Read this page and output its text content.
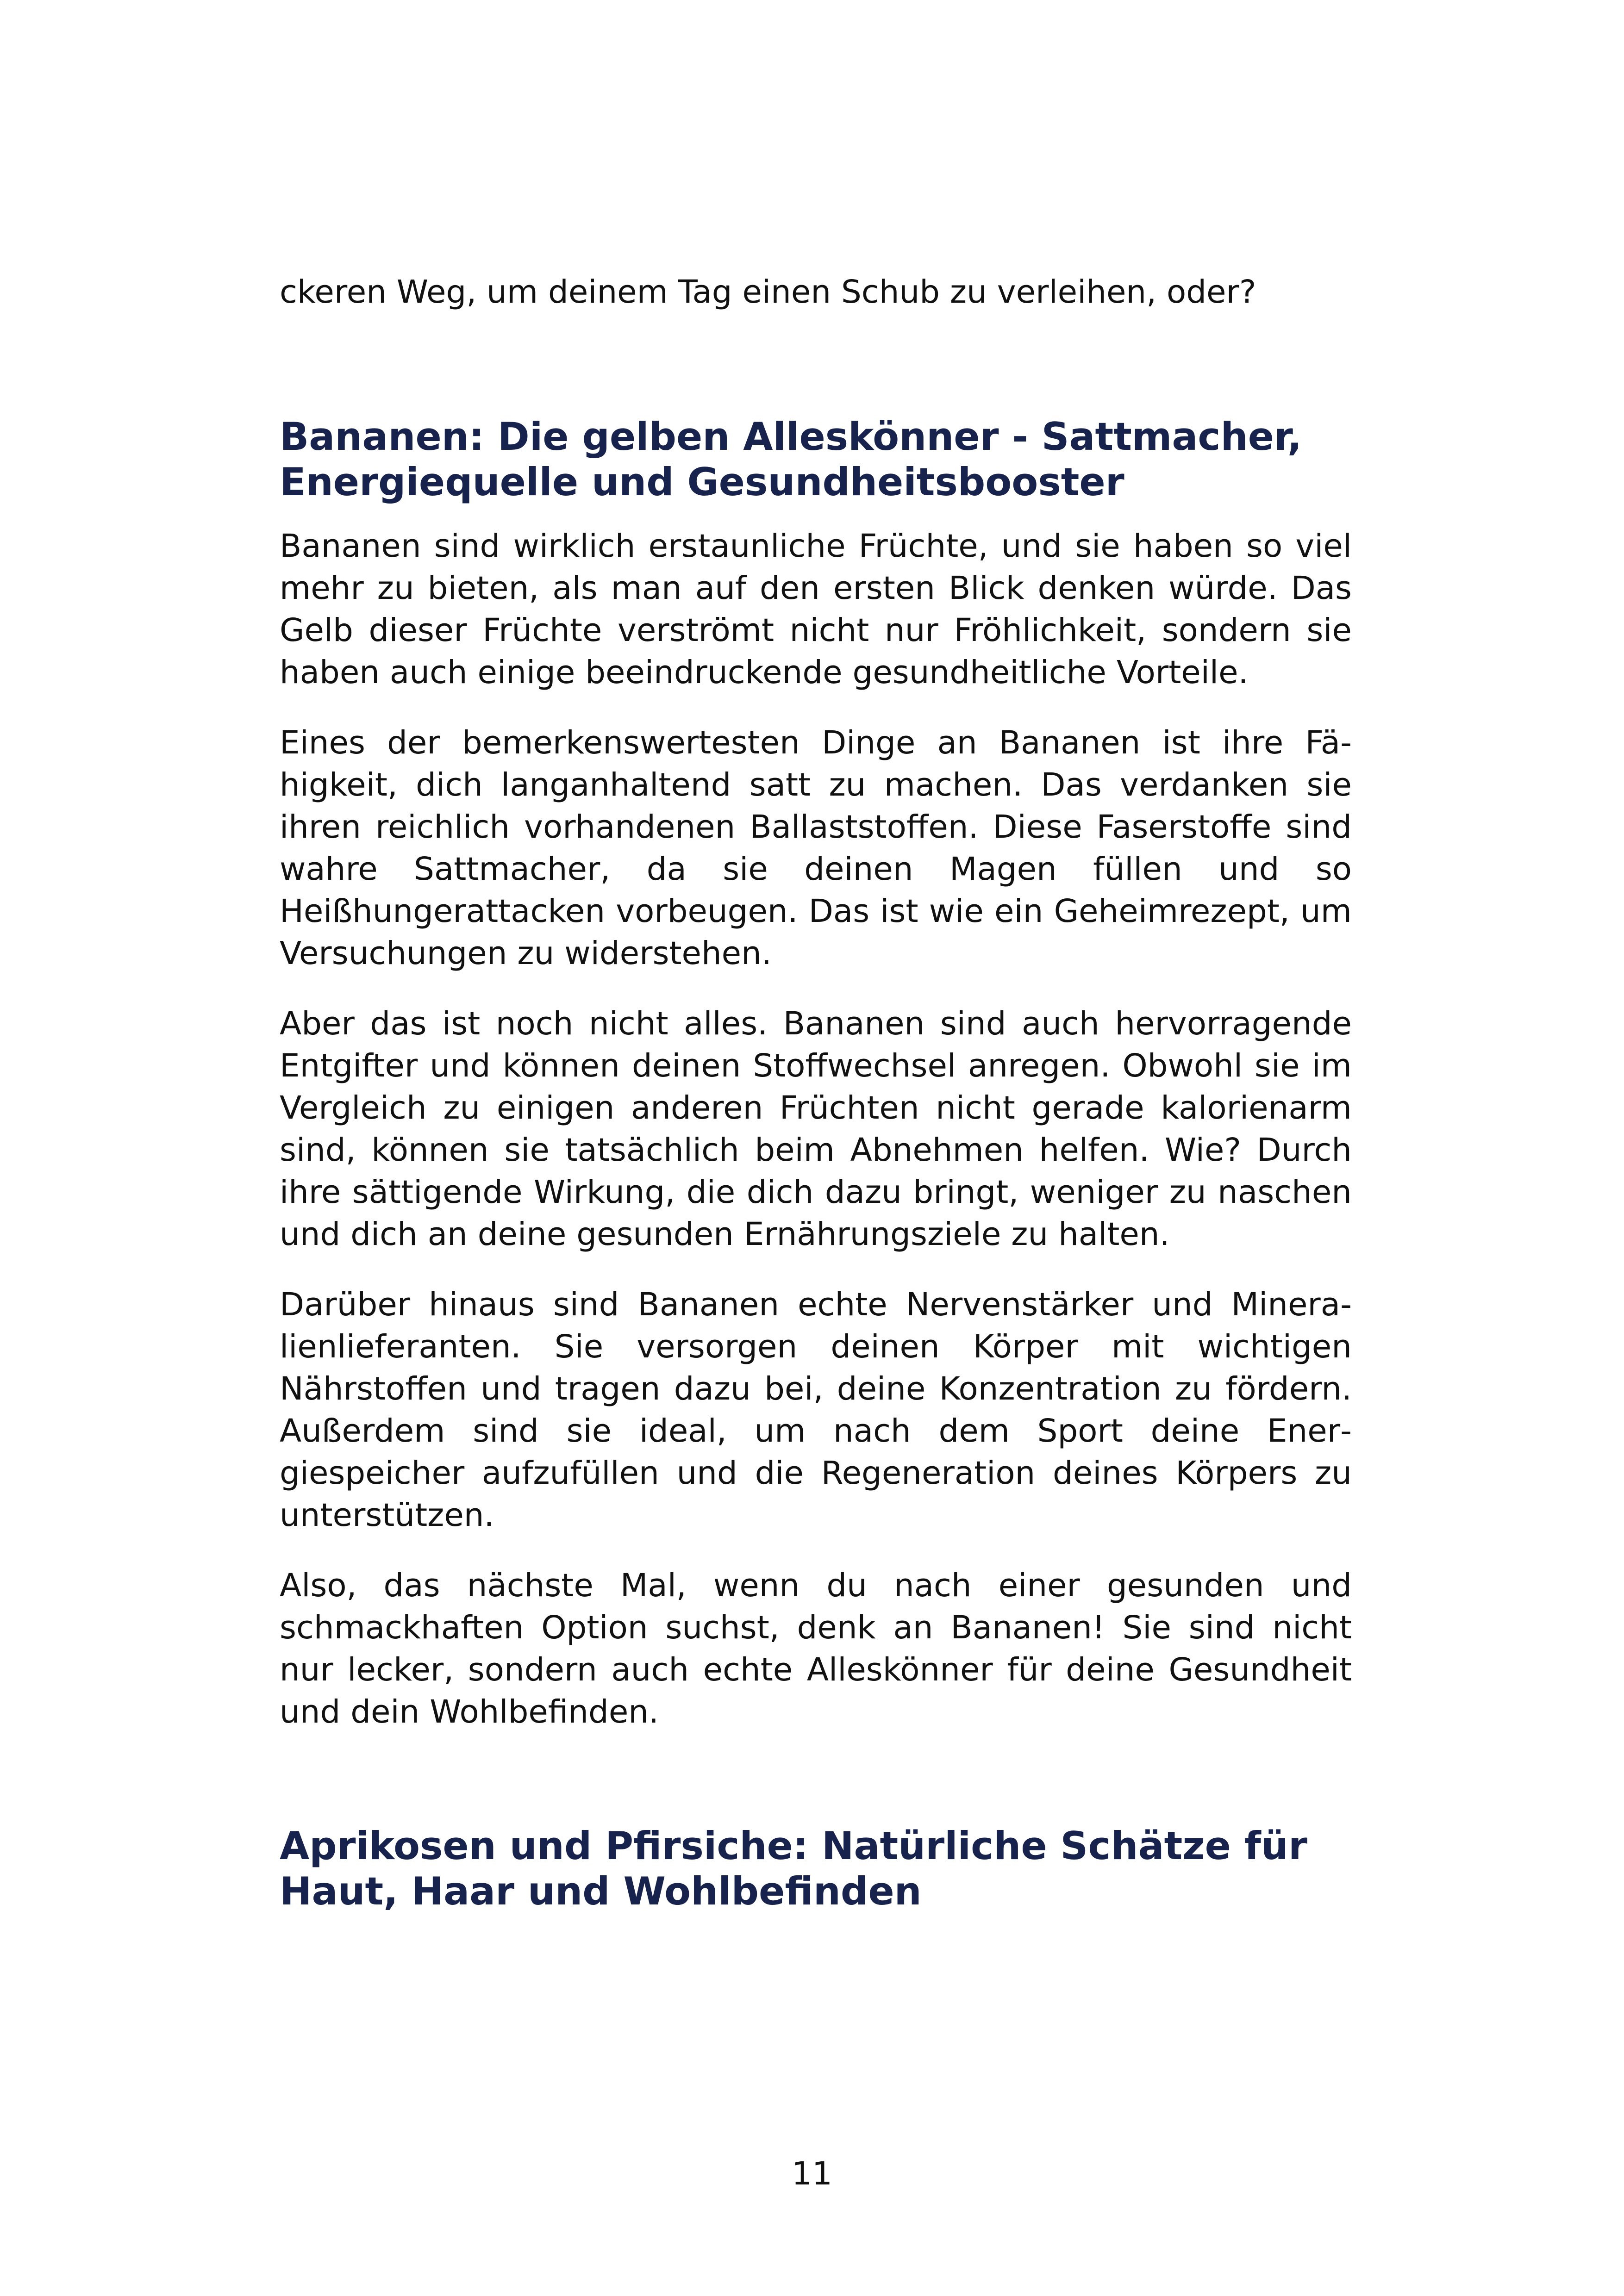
ckeren Weg, um deinem Tag einen Schub zu verleihen, oder?

Bananen: Die gelben Alleskönner - Sattmacher,
Energiequelle und Gesundheitsbooster

Bananen sind wirklich erstaunliche Früchte, und sie haben so viel mehr zu bieten, als man auf den ersten Blick denken würde. Das Gelb dieser Früchte verströmt nicht nur Fröhlichkeit, sondern sie haben auch einige beeindruckende gesundheitliche Vorteile.

Eines der bemerkenswertesten Dinge an Bananen ist ihre Fähigkeit, dich langanhaltend satt zu machen. Das verdanken sie ihren reichlich vorhandenen Ballaststoffen. Diese Faserstoffe sind wahre Sattmacher, da sie deinen Magen füllen und so Heißhungerattacken vorbeugen. Das ist wie ein Geheimrezept, um Versuchungen zu widerstehen.

Aber das ist noch nicht alles. Bananen sind auch hervorragende Entgifter und können deinen Stoffwechsel anregen. Obwohl sie im Vergleich zu einigen anderen Früchten nicht gerade kalorienarm sind, können sie tatsächlich beim Abnehmen helfen. Wie? Durch ihre sättigende Wirkung, die dich dazu bringt, weniger zu naschen und dich an deine gesunden Ernährungsziele zu halten.

Darüber hinaus sind Bananen echte Nervenstärker und Mineralienlieferanten. Sie versorgen deinen Körper mit wichtigen Nährstoffen und tragen dazu bei, deine Konzentration zu fördern. Außerdem sind sie ideal, um nach dem Sport deine Energiespeicher aufzufüllen und die Regeneration deines Körpers zu unterstützen.

Also, das nächste Mal, wenn du nach einer gesunden und schmackhaften Option suchst, denk an Bananen! Sie sind nicht nur lecker, sondern auch echte Alleskönner für deine Gesundheit und dein Wohlbefinden.

Aprikosen und Pfirsiche: Natürliche Schätze für
Haut, Haar und Wohlbefinden

11
